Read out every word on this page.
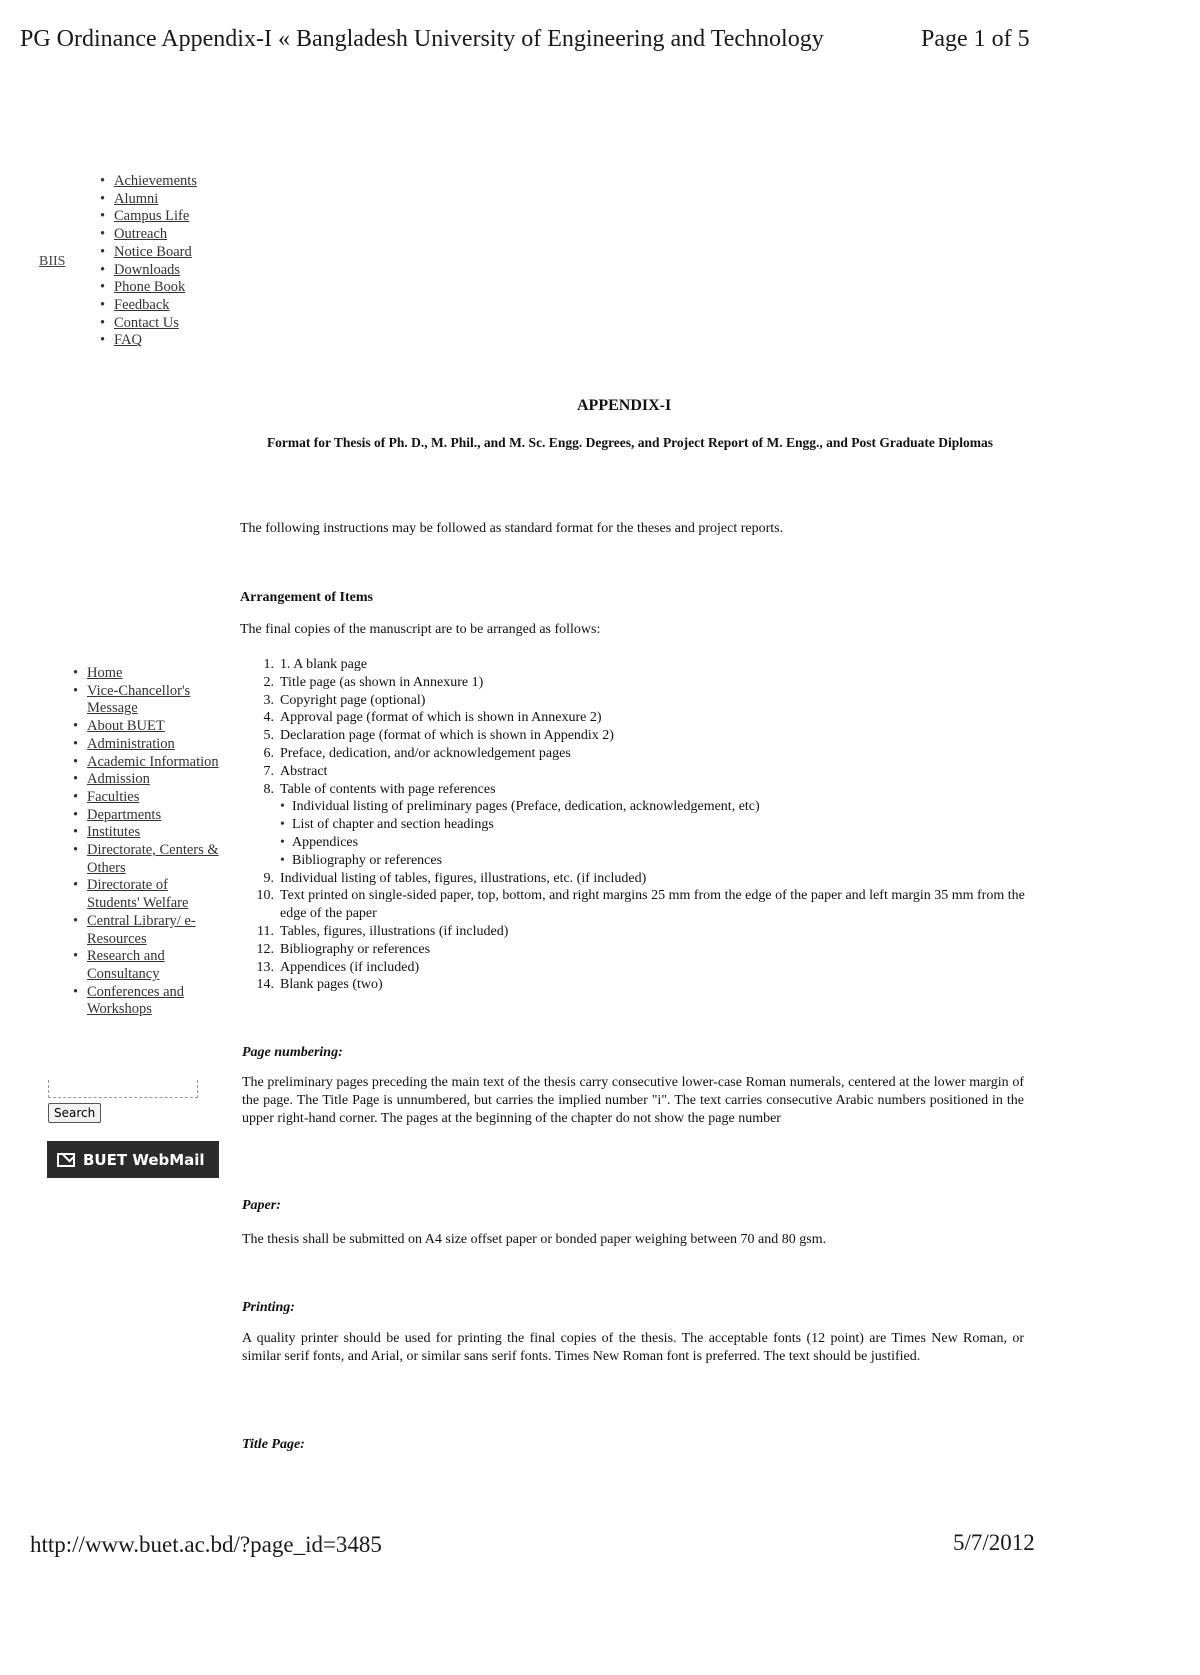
PG Ordinance Appendix-I « Bangladesh University of Engineering and Technology	Page 1 of 5
BIIS
• Achievements
• Alumni
• Campus Life
• Outreach
• Notice Board
• Downloads
• Phone Book
• Feedback
• Contact Us
• FAQ
• Home
• Vice-Chancellor's Message
• About BUET
• Administration
• Academic Information
• Admission
• Faculties
• Departments
• Institutes
• Directorate, Centers & Others
• Directorate of Students' Welfare
• Central Library/ e-Resources
• Research and Consultancy
• Conferences and Workshops
Search
BUET WebMail
APPENDIX-I
Format for Thesis of Ph. D., M. Phil., and M. Sc. Engg. Degrees, and Project Report of M. Engg., and Post Graduate Diplomas
The following instructions may be followed as standard format for the theses and project reports.
Arrangement of Items
The final copies of the manuscript are to be arranged as follows:
1. 1. A blank page
2. Title page (as shown in Annexure 1)
3. Copyright page (optional)
4. Approval page (format of which is shown in Annexure 2)
5. Declaration page (format of which is shown in Appendix 2)
6. Preface, dedication, and/or acknowledgement pages
7. Abstract
8. Table of contents with page references
• Individual listing of preliminary pages (Preface, dedication, acknowledgement, etc)
• List of chapter and section headings
• Appendices
• Bibliography or references
9. Individual listing of tables, figures, illustrations, etc. (if included)
10. Text printed on single-sided paper, top, bottom, and right margins 25 mm from the edge of the paper and left margin 35 mm from the edge of the paper
11. Tables, figures, illustrations (if included)
12. Bibliography or references
13. Appendices (if included)
14. Blank pages (two)
Page numbering:
The preliminary pages preceding the main text of the thesis carry consecutive lower-case Roman numerals, centered at the lower margin of the page. The Title Page is unnumbered, but carries the implied number "i". The text carries consecutive Arabic numbers positioned in the upper right-hand corner. The pages at the beginning of the chapter do not show the page number
Paper:
The thesis shall be submitted on A4 size offset paper or bonded paper weighing between 70 and 80 gsm.
Printing:
A quality printer should be used for printing the final copies of the thesis. The acceptable fonts (12 point) are Times New Roman, or similar serif fonts, and Arial, or similar sans serif fonts. Times New Roman font is preferred. The text should be justified.
Title Page:
http://www.buet.ac.bd/?page_id=3485	5/7/2012
